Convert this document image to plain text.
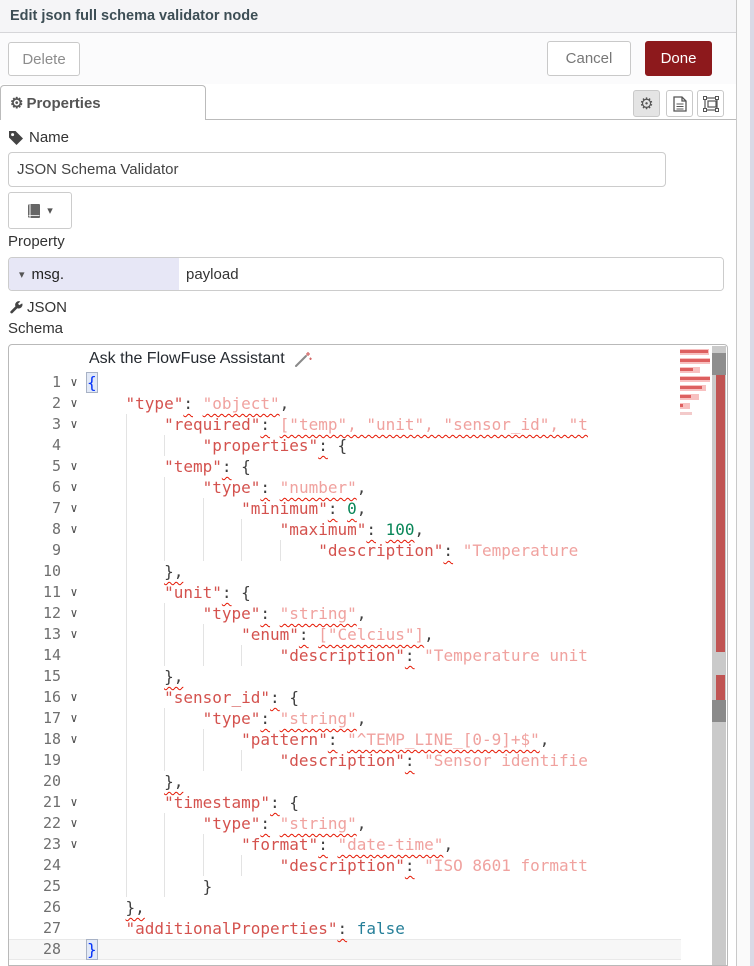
Edit json full schema validator node
Delete	Cancel	Done
⚙ Properties	⚙
Name
JSON Schema Validator
▾
Property
▾ msg.
payload
JSON Schema
Ask the FlowFuse Assistant
1 ∨ {
2 ∨	"type": "object",
3 ∨	"required": ["temp", "unit", "sensor_id", "t
4	"properties": {
5 ∨	"temp": {
6 ∨	"type": "number",
7 ∨	"minimum": 0,
8 ∨	"maximum": 100,
9	"description": "Temperature
10	},
11 ∨	"unit": {
12 ∨	"type": "string",
13 ∨	"enum": ["Celcius"],
14	"description": "Temperature unit
15	},
16 ∨	"sensor_id": {
17 ∨	"type": "string",
18 ∨	"pattern": "^TEMP_LINE_[0-9]+$",
19	"description": "Sensor identifie
20	},
21 ∨	"timestamp": {
22 ∨	"type": "string",
23 ∨	"format": "date-time",
24	"description": "ISO 8601 formatt
25	}
26	},
27	"additionalProperties": false
28 }
